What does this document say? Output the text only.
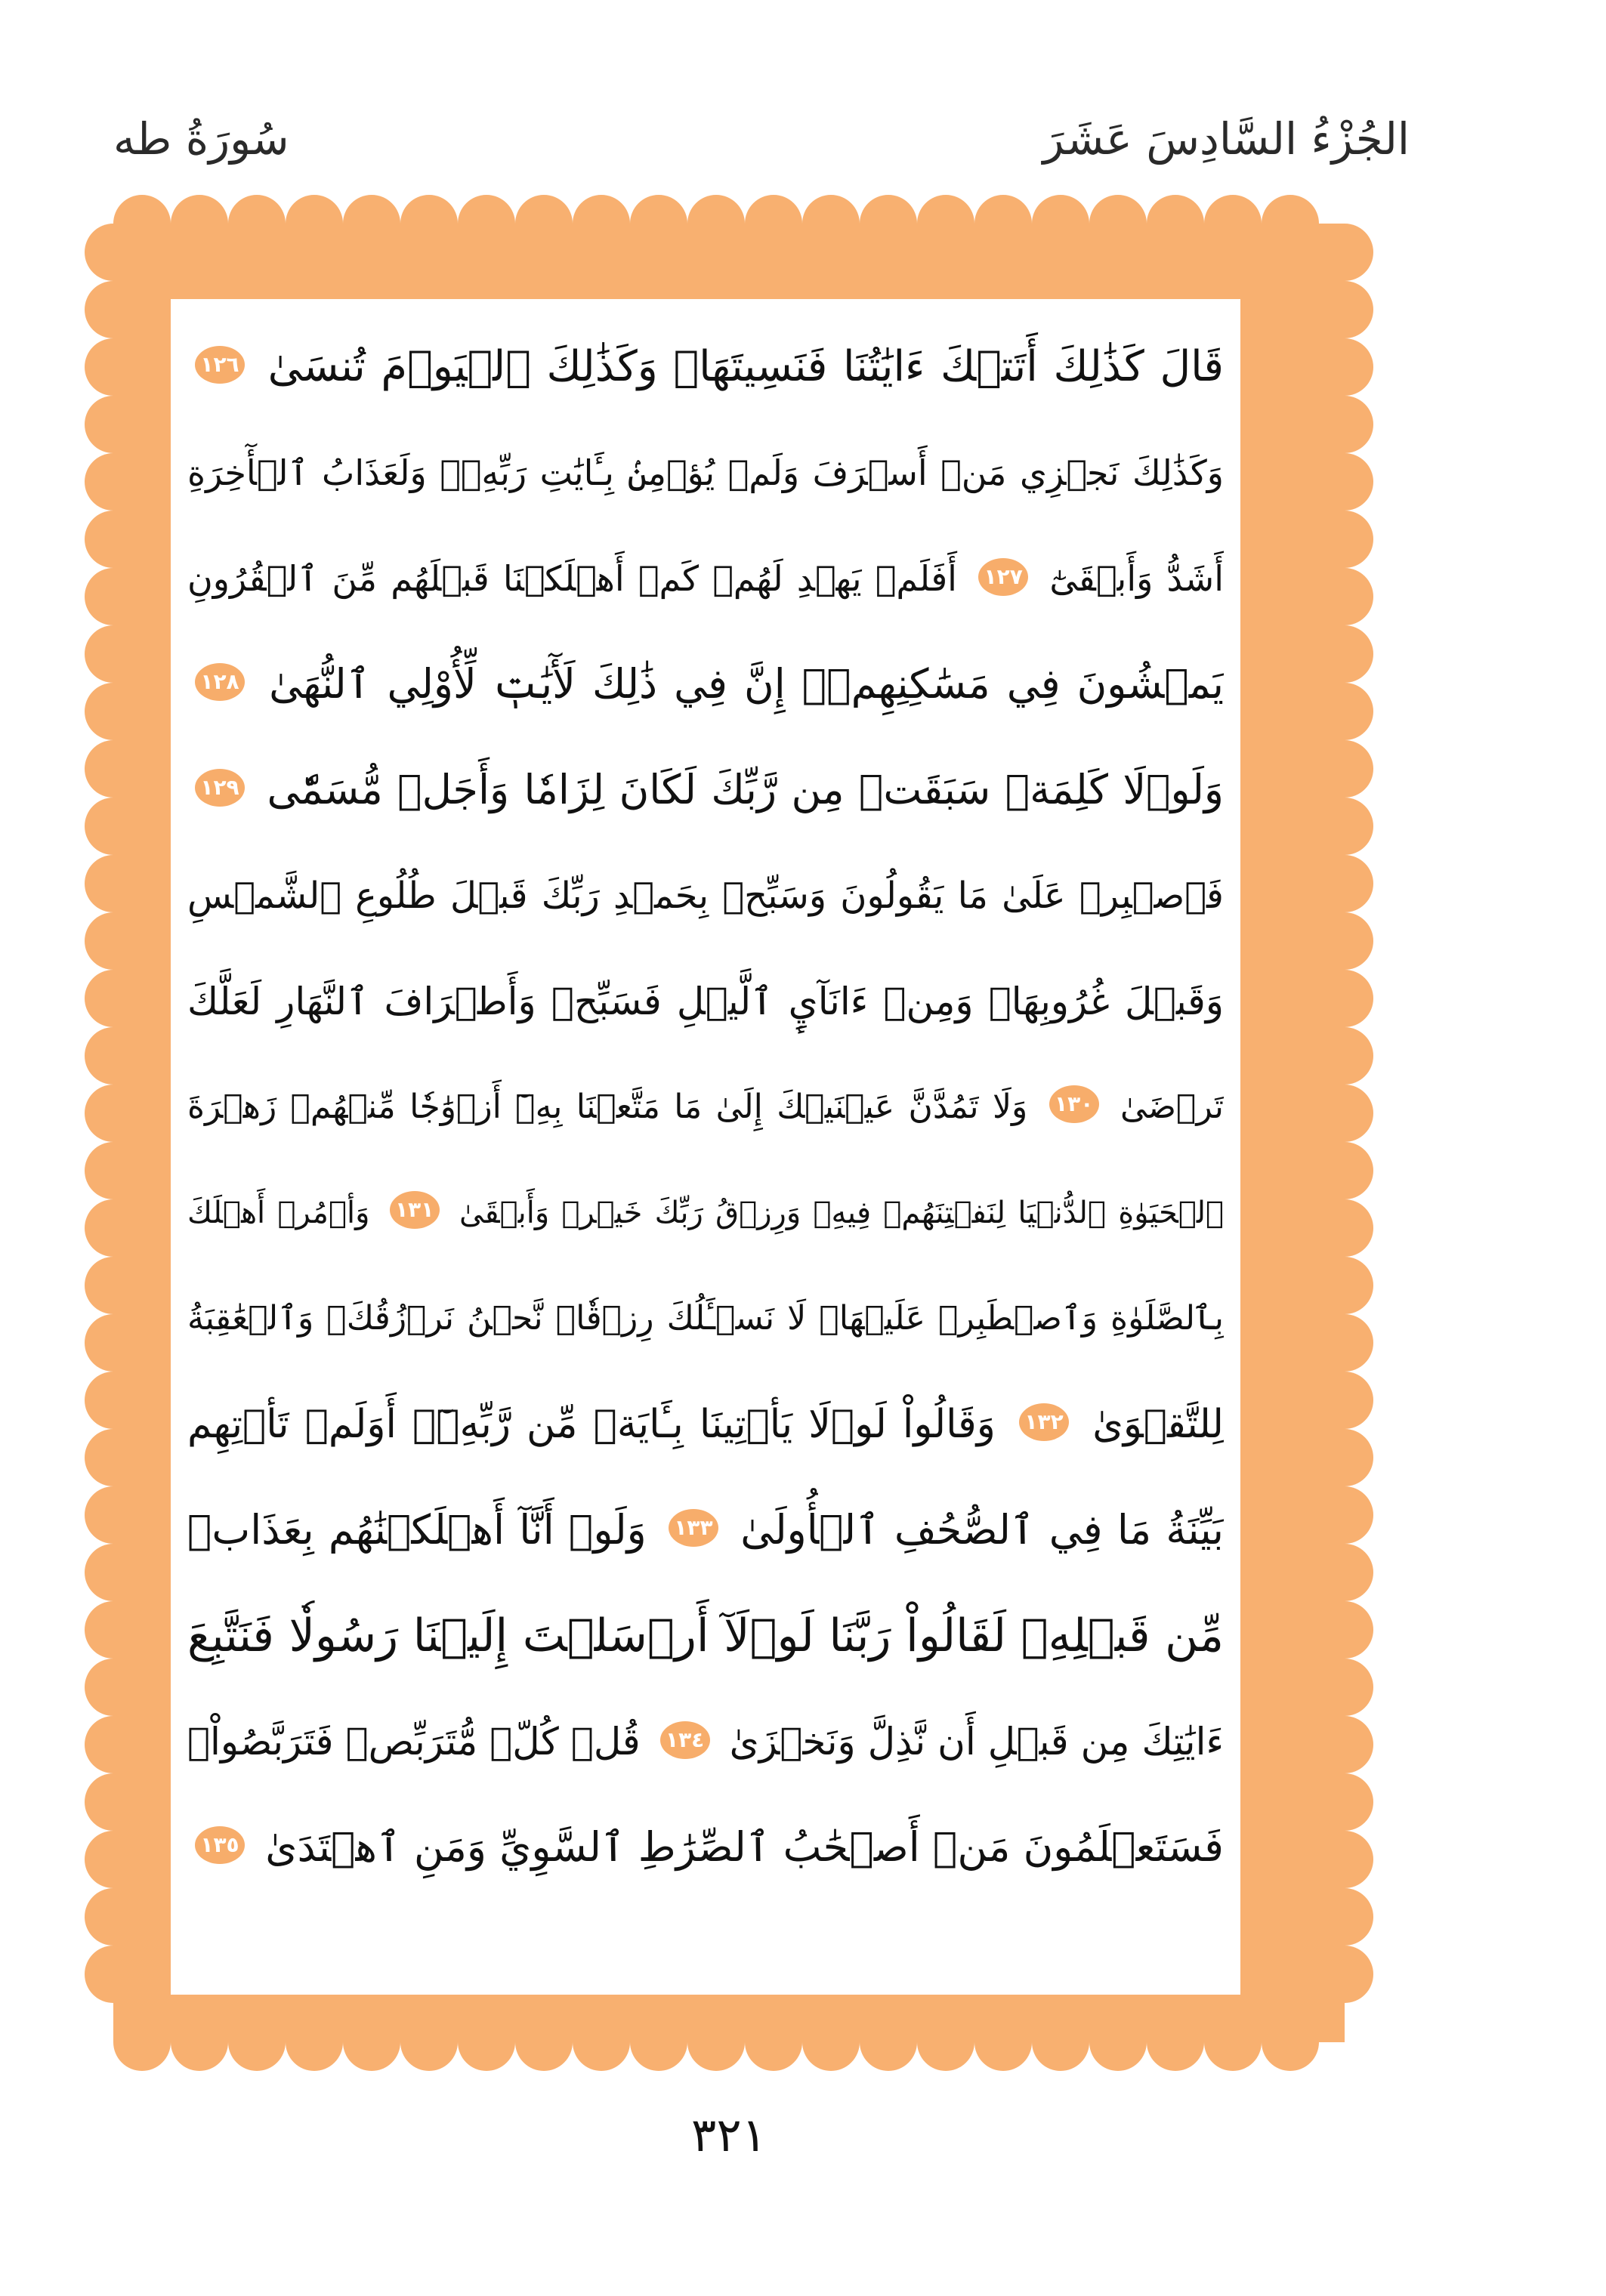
الجُزْءُ السَّادِسَ عَشَرَ
سُورَةُ طه
قَالَ كَذَٰلِكَ أَتَتۡكَ ءَايَٰتُنَا فَنَسِيتَهَاۖ وَكَذَٰلِكَ ٱلۡيَوۡمَ تُنسَىٰ ١٢٦
وَكَذَٰلِكَ نَجۡزِي مَنۡ أَسۡرَفَ وَلَمۡ يُؤۡمِنۢ بِـَٔايَٰتِ رَبِّهِۦۚ وَلَعَذَابُ ٱلۡأٓخِرَةِ
أَشَدُّ وَأَبۡقَىٰٓ ١٢٧ أَفَلَمۡ يَهۡدِ لَهُمۡ كَمۡ أَهۡلَكۡنَا قَبۡلَهُم مِّنَ ٱلۡقُرُونِ
يَمۡشُونَ فِي مَسَٰكِنِهِمۡۚ إِنَّ فِي ذَٰلِكَ لَأٓيَٰتٖ لِّأُوْلِي ٱلنُّهَىٰ ١٢٨
وَلَوۡلَا كَلِمَةٞ سَبَقَتۡ مِن رَّبِّكَ لَكَانَ لِزَامٗا وَأَجَلٞ مُّسَمّٗى ١٢٩
فَٱصۡبِرۡ عَلَىٰ مَا يَقُولُونَ وَسَبِّحۡ بِحَمۡدِ رَبِّكَ قَبۡلَ طُلُوعِ ٱلشَّمۡسِ
وَقَبۡلَ غُرُوبِهَاۖ وَمِنۡ ءَانَآيِٕ ٱلَّيۡلِ فَسَبِّحۡ وَأَطۡرَافَ ٱلنَّهَارِ لَعَلَّكَ
تَرۡضَىٰ ١٣٠ وَلَا تَمُدَّنَّ عَيۡنَيۡكَ إِلَىٰ مَا مَتَّعۡنَا بِهِۦٓ أَزۡوَٰجٗا مِّنۡهُمۡ زَهۡرَةَ
ٱلۡحَيَوٰةِ ٱلدُّنۡيَا لِنَفۡتِنَهُمۡ فِيهِۚ وَرِزۡقُ رَبِّكَ خَيۡرٞ وَأَبۡقَىٰ ١٣١ وَأۡمُرۡ أَهۡلَكَ
بِٱلصَّلَوٰةِ وَٱصۡطَبِرۡ عَلَيۡهَاۖ لَا نَسۡـَٔلُكَ رِزۡقٗاۖ نَّحۡنُ نَرۡزُقُكَۗ وَٱلۡعَٰقِبَةُ
لِلتَّقۡوَىٰ ١٣٢ وَقَالُواْ لَوۡلَا يَأۡتِينَا بِـَٔايَةٖ مِّن رَّبِّهِۦٓۚ أَوَلَمۡ تَأۡتِهِم
بَيِّنَةُ مَا فِي ٱلصُّحُفِ ٱلۡأُولَىٰ ١٣٣ وَلَوۡ أَنَّآ أَهۡلَكۡنَٰهُم بِعَذَابٖ
مِّن قَبۡلِهِۦ لَقَالُواْ رَبَّنَا لَوۡلَآ أَرۡسَلۡتَ إِلَيۡنَا رَسُولٗا فَنَتَّبِعَ
ءَايَٰتِكَ مِن قَبۡلِ أَن نَّذِلَّ وَنَخۡزَىٰ ١٣٤ قُلۡ كُلّٞ مُّتَرَبِّصٞ فَتَرَبَّصُواْۖ
فَسَتَعۡلَمُونَ مَنۡ أَصۡحَٰبُ ٱلصِّرَٰطِ ٱلسَّوِيِّ وَمَنِ ٱهۡتَدَىٰ ١٣٥
٣٢١
